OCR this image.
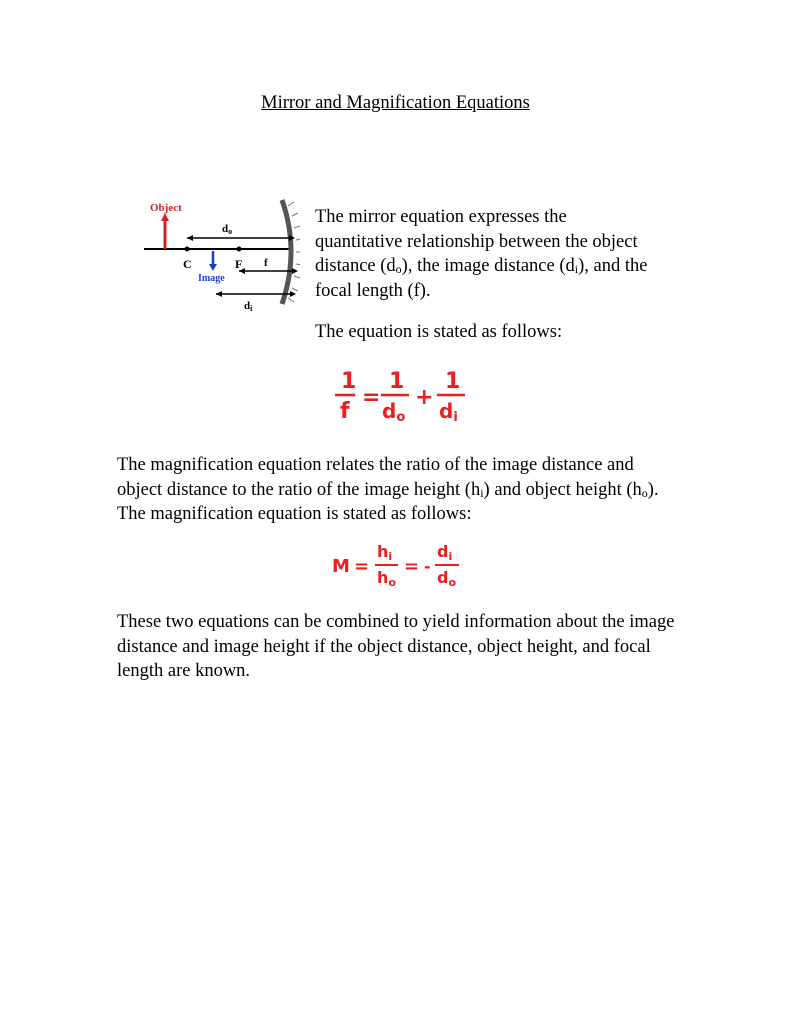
Mirror and Magnification Equations
Object
do
C	F
Image
f
di
The mirror equation expresses the quantitative relationship between the object distance $(d_o)$, the image distance $(d_i)$, and the focal length (f).
The equation is stated as follows:
1
f
=
1
do
+
1
di
The magnification equation relates the ratio of the image distance and object distance to the ratio of the image height $(h_i)$ and object height $(h_o)$. The magnification equation is stated as follows:
M =
hi
ho
= -
di
do
These two equations can be combined to yield information about the image distance and image height if the object distance, object height, and focal length are known.
